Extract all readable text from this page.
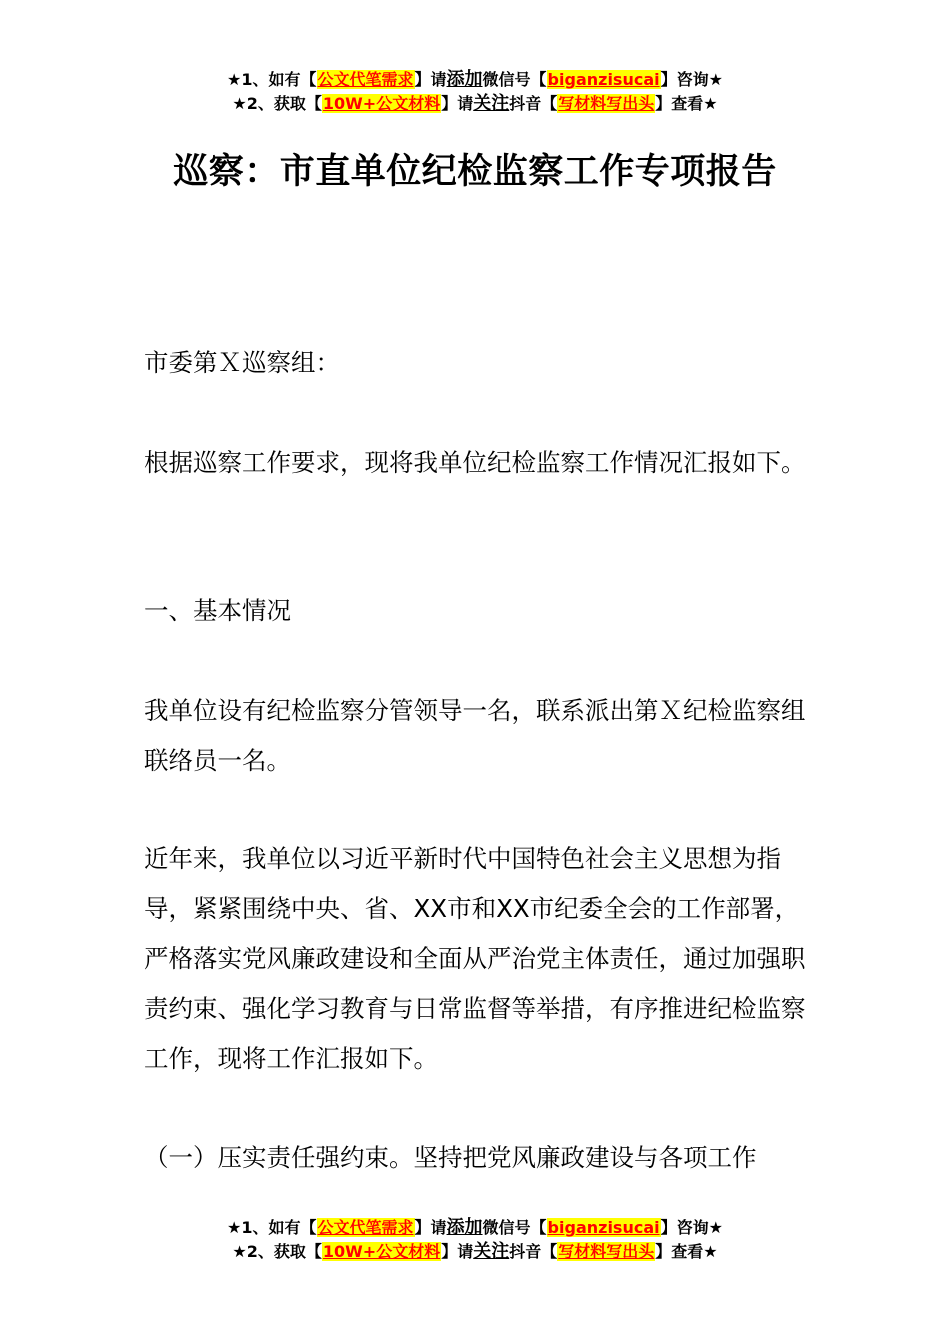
★1、如有【公文代笔需求】请添加微信号【biganzisucai】咨询★
★2、获取【10W+公文材料】请关注抖音【写材料写出头】查看★
巡察：市直单位纪检监察工作专项报告

市委第Ｘ巡察组：

根据巡察工作要求，现将我单位纪检监察工作情况汇报如下。

一、基本情况

我单位设有纪检监察分管领导一名，联系派出第Ｘ纪检监察组联络员一名。

近年来，我单位以习近平新时代中国特色社会主义思想为指导，紧紧围绕中央、省、XX市和XX市纪委全会的工作部署，严格落实党风廉政建设和全面从严治党主体责任，通过加强职责约束、强化学习教育与日常监督等举措，有序推进纪检监察工作，现将工作汇报如下。

（一）压实责任强约束。坚持把党风廉政建设与各项工作

★1、如有【公文代笔需求】请添加微信号【biganzisucai】咨询★
★2、获取【10W+公文材料】请关注抖音【写材料写出头】查看★
